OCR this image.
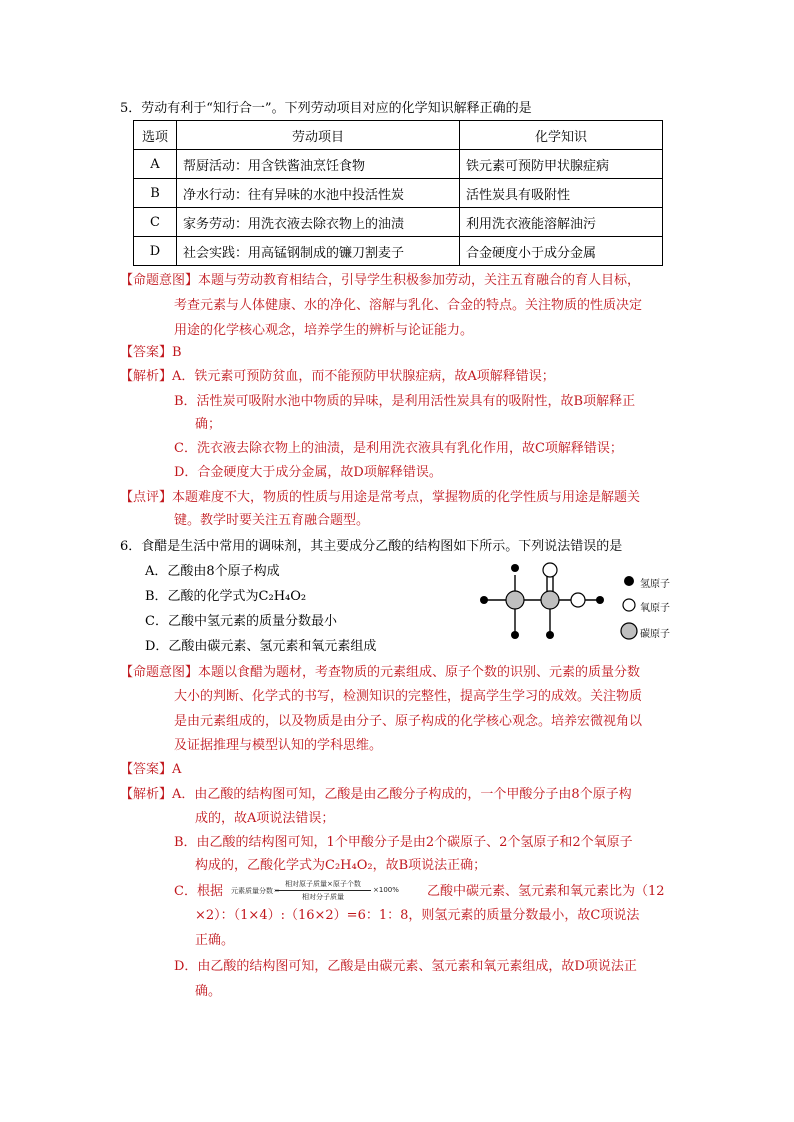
5．劳动有利于“知行合一”。下列劳动项目对应的化学知识解释正确的是
选项	劳动项目	化学知识
A	帮厨活动：用含铁酱油烹饪食物	铁元素可预防甲状腺症病
B	净水行动：往有异味的水池中投活性炭	活性炭具有吸附性
C	家务劳动：用洗衣液去除衣物上的油渍	利用洗衣液能溶解油污
D	社会实践：用高锰钢制成的镰刀割麦子	合金硬度小于成分金属
【命题意图】本题与劳动教育相结合，引导学生积极参加劳动，关注五育融合的育人目标，
考查元素与人体健康、水的净化、溶解与乳化、合金的特点。关注物质的性质决定
用途的化学核心观念，培养学生的辨析与论证能力。
【答案】B
【解析】A．铁元素可预防贫血，而不能预防甲状腺症病，故A项解释错误；
B．活性炭可吸附水池中物质的异味，是利用活性炭具有的吸附性，故B项解释正
确；
C．洗衣液去除衣物上的油渍，是利用洗衣液具有乳化作用，故C项解释错误；
D．合金硬度大于成分金属，故D项解释错误。
【点评】本题难度不大，物质的性质与用途是常考点，掌握物质的化学性质与用途是解题关
键。教学时要关注五育融合题型。
6．食醋是生活中常用的调味剂，其主要成分乙酸的结构图如下所示。下列说法错误的是
A．乙酸由8个原子构成
B．乙酸的化学式为C₂H₄O₂
C．乙酸中氢元素的质量分数最小
D．乙酸由碳元素、氢元素和氧元素组成
氢原子
氧原子
碳原子
【命题意图】本题以食醋为题材，考查物质的元素组成、原子个数的识别、元素的质量分数
大小的判断、化学式的书写，检测知识的完整性，提高学生学习的成效。关注物质
是由元素组成的，以及物质是由分子、原子构成的化学核心观念。培养宏微视角以
及证据推理与模型认知的学科思维。
【答案】A
【解析】A．由乙酸的结构图可知，乙酸是由乙酸分子构成的，一个甲酸分子由8个原子构
成的，故A项说法错误；
B．由乙酸的结构图可知，1个甲酸分子是由2个碳原子、2个氢原子和2个氧原子
构成的，乙酸化学式为C₂H₄O₂，故B项说法正确；
C．根据 元素质量分数＝
相对原子质量×原子个数
相对分子质量
×100% 乙酸中碳元素、氢元素和氧元素比为（12
×2）：（1×4）:（16×2）=6：1：8，则氢元素的质量分数最小，故C项说法
正确。
D．由乙酸的结构图可知，乙酸是由碳元素、氢元素和氧元素组成，故D项说法正
确。
